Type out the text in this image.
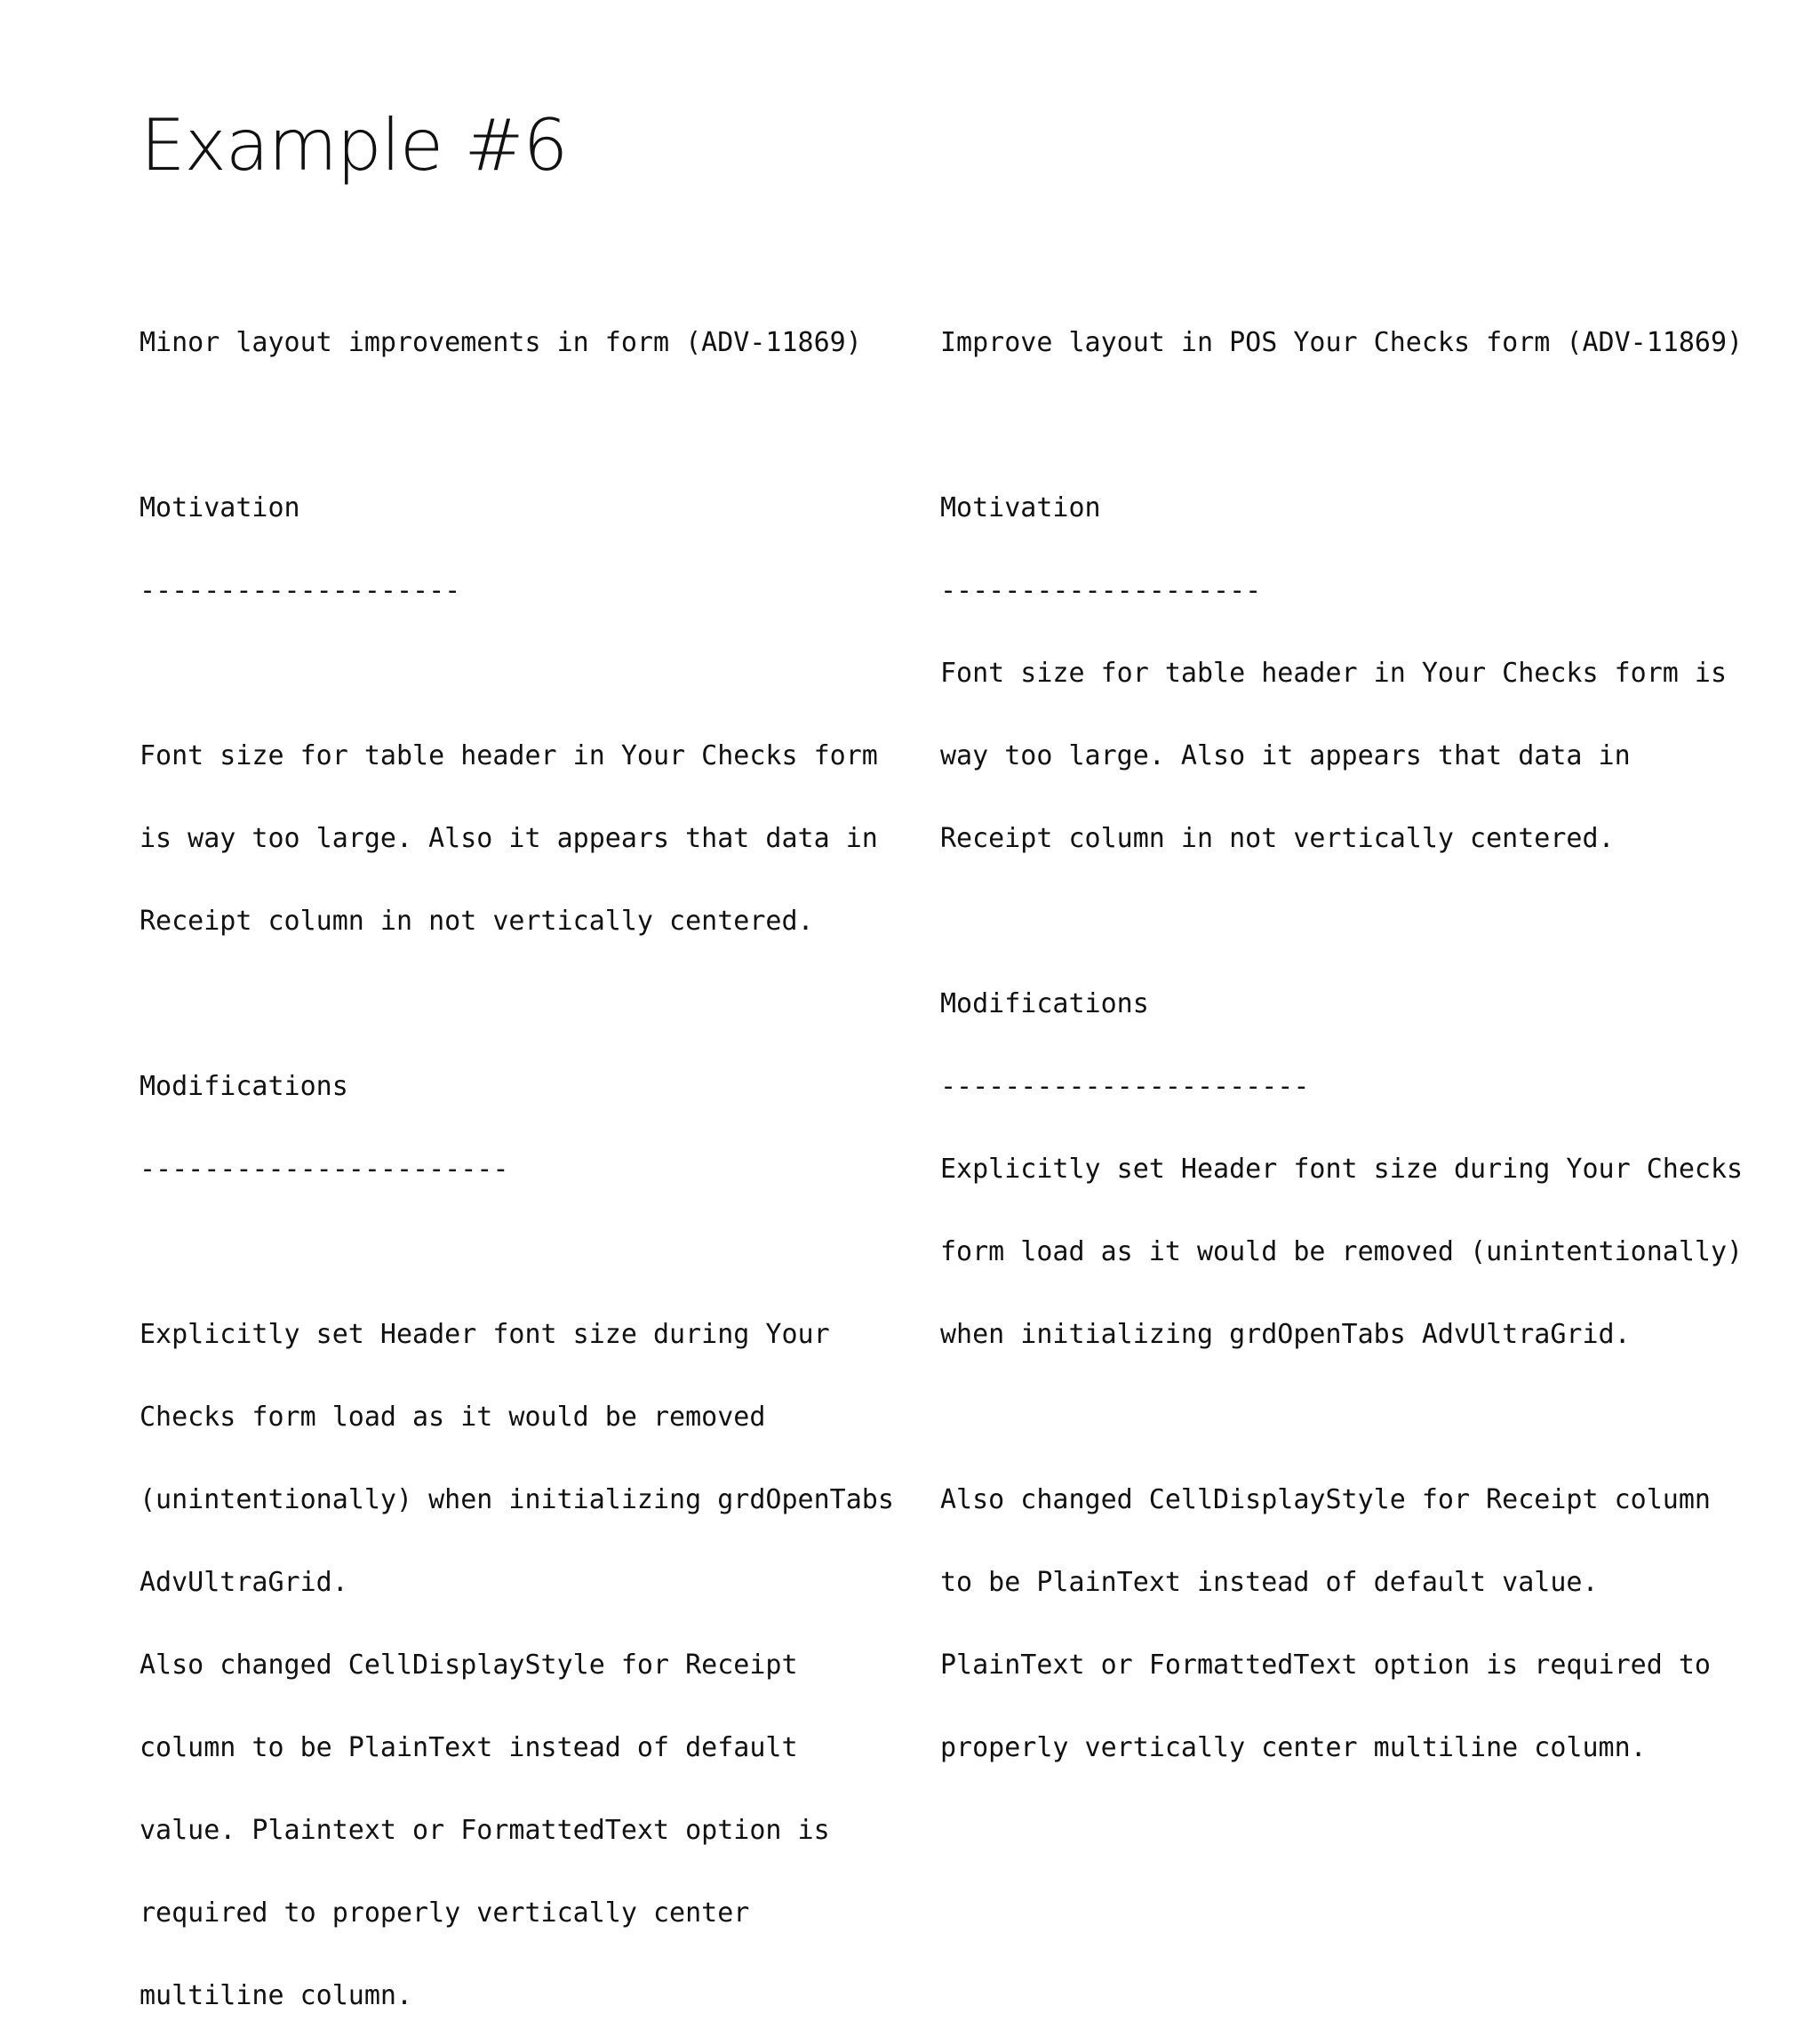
Example #6

Minor layout improvements in form (ADV-11869)

Motivation

--------------------

Font size for table header in Your Checks form

is way too large. Also it appears that data in

Receipt column in not vertically centered.

Modifications

-----------------------

Explicitly set Header font size during Your

Checks form load as it would be removed

(unintentionally) when initializing grdOpenTabs

AdvUltraGrid.

Also changed CellDisplayStyle for Receipt

column to be PlainText instead of default

value. Plaintext or FormattedText option is

required to properly vertically center

multiline column.

Improve layout in POS Your Checks form (ADV-11869)

Motivation

--------------------

Font size for table header in Your Checks form is

way too large. Also it appears that data in

Receipt column in not vertically centered.

Modifications

-----------------------

Explicitly set Header font size during Your Checks

form load as it would be removed (unintentionally)

when initializing grdOpenTabs AdvUltraGrid.

Also changed CellDisplayStyle for Receipt column

to be PlainText instead of default value.

PlainText or FormattedText option is required to

properly vertically center multiline column.
